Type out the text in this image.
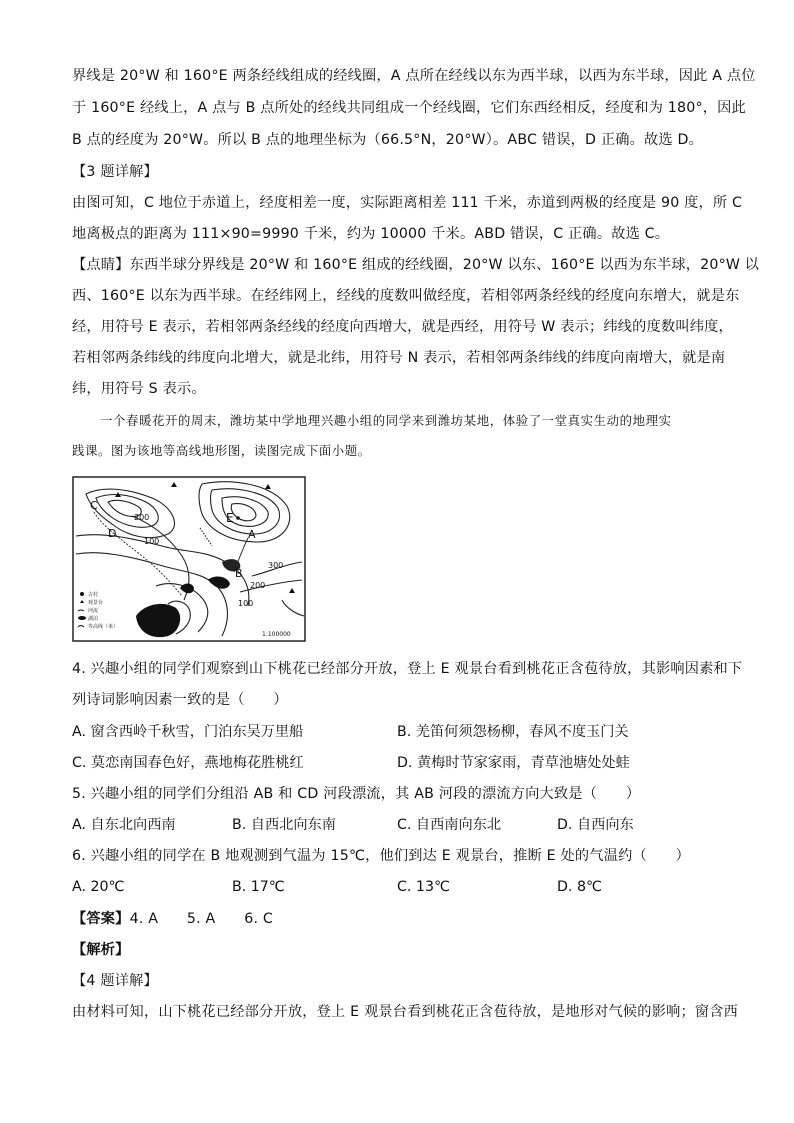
界线是 20°W 和 160°E 两条经线组成的经线圈，A 点所在经线以东为西半球，以西为东半球，因此 A 点位
于 160°E 经线上，A 点与 B 点所处的经线共同组成一个经线圈，它们东西经相反，经度和为 180°，因此
B 点的经度为 20°W。所以 B 点的地理坐标为（66.5°N，20°W）。ABC 错误，D 正确。故选 D。
【3 题详解】
由图可知，C 地位于赤道上，经度相差一度，实际距离相差 111 千米，赤道到两极的经度是 90 度，所 C
地离极点的距离为 111×90=9990 千米，约为 10000 千米。ABD 错误，C 正确。故选 C。
【点睛】东西半球分界线是 20°W 和 160°E 组成的经线圈，20°W 以东、160°E 以西为东半球，20°W 以
西、160°E 以东为西半球。在经纬网上，经线的度数叫做经度，若相邻两条经线的经度向东增大，就是东
经，用符号 E 表示，若相邻两条经线的经度向西增大，就是西经，用符号 W 表示；纬线的度数叫纬度，
若相邻两条纬线的纬度向北增大，就是北纬，用符号 N 表示，若相邻两条纬线的纬度向南增大，就是南
纬，用符号 S 表示。
一个春暖花开的周末，潍坊某中学地理兴趣小组的同学来到潍坊某地，体验了一堂真实生动的地理实
践课。图为该地等高线地形图，读图完成下面小题。
古村
观景台
河流
湖泊
等高线（米）
C
D
E
A
B
200
100
300
200
100
1:100000
4. 兴趣小组的同学们观察到山下桃花已经部分开放，登上 E 观景台看到桃花正含苞待放，其影响因素和下
列诗词影响因素一致的是（　　）
A. 窗含西岭千秋雪，门泊东吴万里船	B. 羌笛何须怨杨柳，春风不度玉门关
C. 莫恋南国春色好，燕地梅花胜桃红	D. 黄梅时节家家雨，青草池塘处处蛙
5. 兴趣小组的同学们分组沿 AB 和 CD 河段漂流，其 AB 河段的漂流方向大致是（　　）
A. 自东北向西南	B. 自西北向东南	C. 自西南向东北	D. 自西向东
6. 兴趣小组的同学在 B 地观测到气温为 15℃，他们到达 E 观景台，推断 E 处的气温约（　　）
A. 20℃	B. 17℃	C. 13℃	D. 8℃
【答案】4. A　　5. A　　6. C
【解析】
【4 题详解】
由材料可知，山下桃花已经部分开放，登上 E 观景台看到桃花正含苞待放，是地形对气候的影响；窗含西
